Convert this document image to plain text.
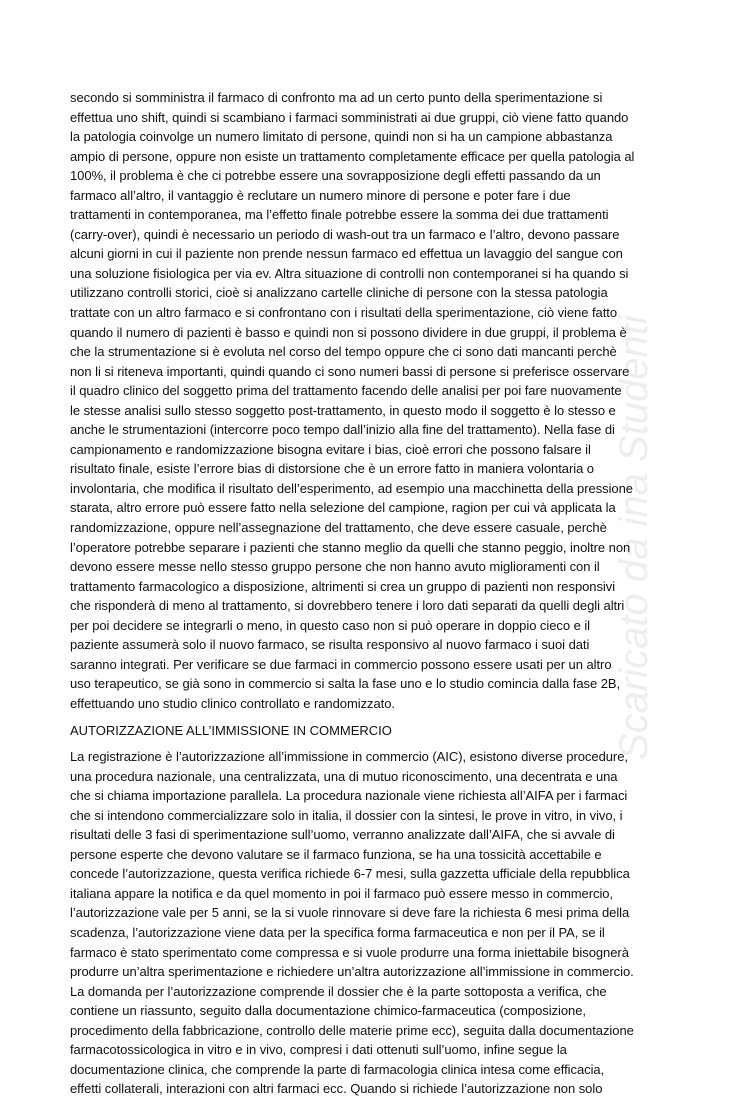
Scaricato da ina Studenti
secondo si somministra il farmaco di confronto ma ad un certo punto della sperimentazione si
effettua uno shift, quindi si scambiano i farmaci somministrati ai due gruppi, ciò viene fatto quando
la patologia coinvolge un numero limitato di persone, quindi non si ha un campione abbastanza
ampio di persone, oppure non esiste un trattamento completamente efficace per quella patologia al
100%, il problema è che ci potrebbe essere una sovrapposizione degli effetti passando da un
farmaco all’altro, il vantaggio è reclutare un numero minore di persone e poter fare i due
trattamenti in contemporanea, ma l’effetto finale potrebbe essere la somma dei due trattamenti
(carry-over), quindi è necessario un periodo di wash-out tra un farmaco e l’altro, devono passare
alcuni giorni in cui il paziente non prende nessun farmaco ed effettua un lavaggio del sangue con
una soluzione fisiologica per via ev. Altra situazione di controlli non contemporanei si ha quando si
utilizzano controlli storici, cioè si analizzano cartelle cliniche di persone con la stessa patologia
trattate con un altro farmaco e si confrontano con i risultati della sperimentazione, ciò viene fatto
quando il numero di pazienti è basso e quindi non si possono dividere in due gruppi, il problema è
che la strumentazione si è evoluta nel corso del tempo oppure che ci sono dati mancanti perchè
non li si riteneva importanti, quindi quando ci sono numeri bassi di persone si preferisce osservare
il quadro clinico del soggetto prima del trattamento facendo delle analisi per poi fare nuovamente
le stesse analisi sullo stesso soggetto post-trattamento, in questo modo il soggetto è lo stesso e
anche le strumentazioni (intercorre poco tempo dall’inizio alla fine del trattamento). Nella fase di
campionamento e randomizzazione bisogna evitare i bias, cioè errori che possono falsare il
risultato finale, esiste l’errore bias di distorsione che è un errore fatto in maniera volontaria o
involontaria, che modifica il risultato dell’esperimento, ad esempio una macchinetta della pressione
starata, altro errore può essere fatto nella selezione del campione, ragion per cui và applicata la
randomizzazione, oppure nell’assegnazione del trattamento, che deve essere casuale, perchè
l’operatore potrebbe separare i pazienti che stanno meglio da quelli che stanno peggio, inoltre non
devono essere messe nello stesso gruppo persone che non hanno avuto miglioramenti con il
trattamento farmacologico a disposizione, altrimenti si crea un gruppo di pazienti non responsivi
che risponderà di meno al trattamento, si dovrebbero tenere i loro dati separati da quelli degli altri
per poi decidere se integrarli o meno, in questo caso non si può operare in doppio cieco e il
paziente assumerà solo il nuovo farmaco, se risulta responsivo al nuovo farmaco i suoi dati
saranno integrati. Per verificare se due farmaci in commercio possono essere usati per un altro
uso terapeutico, se già sono in commercio si salta la fase uno e lo studio comincia dalla fase 2B,
effettuando uno studio clinico controllato e randomizzato.
AUTORIZZAZIONE ALL’IMMISSIONE IN COMMERCIO
La registrazione è l’autorizzazione all’immissione in commercio (AIC), esistono diverse procedure,
una procedura nazionale, una centralizzata, una di mutuo riconoscimento, una decentrata e una
che si chiama importazione parallela. La procedura nazionale viene richiesta all’AIFA per i farmaci
che si intendono commercializzare solo in italia, il dossier con la sintesi, le prove in vitro, in vivo, i
risultati delle 3 fasi di sperimentazione sull’uomo, verranno analizzate dall’AIFA, che si avvale di
persone esperte che devono valutare se il farmaco funziona, se ha una tossicità accettabile e
concede l’autorizzazione, questa verifica richiede 6-7 mesi, sulla gazzetta ufficiale della repubblica
italiana appare la notifica e da quel momento in poi il farmaco può essere messo in commercio,
l’autorizzazione vale per 5 anni, se la si vuole rinnovare si deve fare la richiesta 6 mesi prima della
scadenza, l’autorizzazione viene data per la specifica forma farmaceutica e non per il PA, se il
farmaco è stato sperimentato come compressa e si vuole produrre una forma iniettabile bisognerà
produrre un’altra sperimentazione e richiedere un’altra autorizzazione all’immissione in commercio.
La domanda per l’autorizzazione comprende il dossier che è la parte sottoposta a verifica, che
contiene un riassunto, seguito dalla documentazione chimico-farmaceutica (composizione,
procedimento della fabbricazione, controllo delle materie prime ecc), seguita dalla documentazione
farmacotossicologica in vitro e in vivo, compresi i dati ottenuti sull’uomo, infine segue la
documentazione clinica, che comprende la parte di farmacologia clinica intesa come efficacia,
effetti collaterali, interazioni con altri farmaci ecc. Quando si richiede l’autorizzazione non solo
